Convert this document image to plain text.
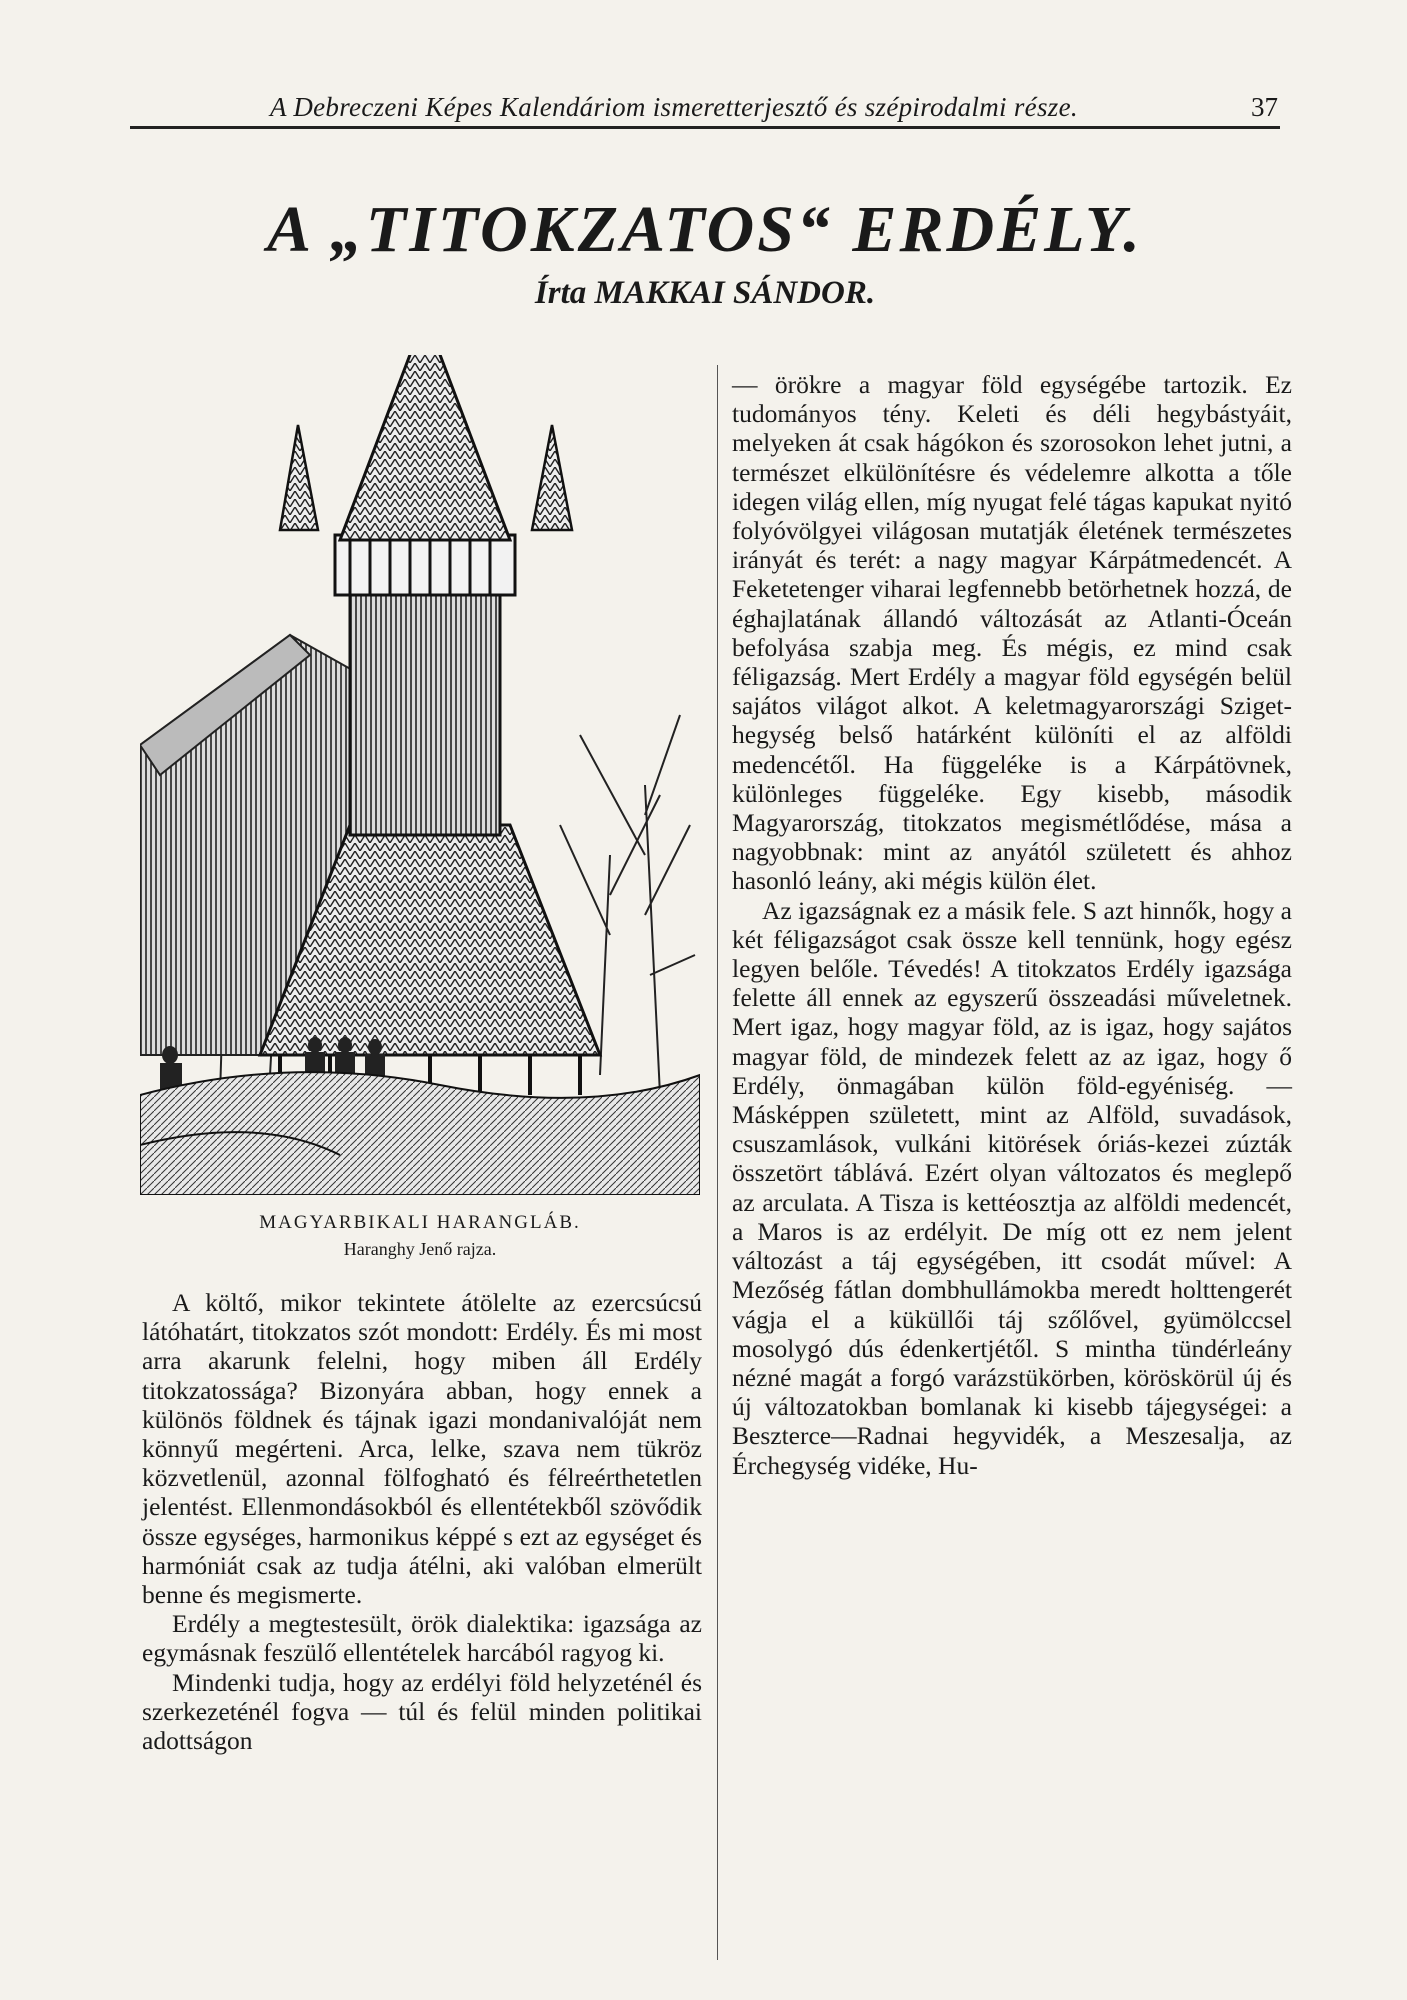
A Debreczeni Képes Kalendáriom ismeretterjesztő és szépirodalmi része.	37
A „TITOKZATOS“ ERDÉLY.
Írta MAKKAI SÁNDOR.
MAGYARBIKALI HARANGLÁB.
Haranghy Jenő rajza.

A költő, mikor tekintete átölelte az ezercsúcsú látóhatárt, titokzatos szót mondott: Erdély. És mi most arra akarunk felelni, hogy miben áll Erdély titokzatossága? Bizonyára abban, hogy ennek a különös földnek és tájnak igazi mondanivalóját nem könnyű megérteni. Arca, lelke, szava nem tükröz közvetlenül, azonnal fölfogható és félreérthetetlen jelentést. Ellenmondásokból és ellentétekből szövődik össze egységes, harmonikus képpé s ezt az egységet és harmóniát csak az tudja átélni, aki valóban elmerült benne és megismerte.

Erdély a megtestesült, örök dialektika: igazsága az egymásnak feszülő ellentételek harcából ragyog ki.

Mindenki tudja, hogy az erdélyi föld helyzeténél és szerkezeténél fogva — túl és felül minden politikai adottságon

— örökre a magyar föld egységébe tartozik. Ez tudományos tény. Keleti és déli hegybástyáit, melyeken át csak hágókon és szorosokon lehet jutni, a természet elkülönítésre és védelemre alkotta a tőle idegen világ ellen, míg nyugat felé tágas kapukat nyitó folyóvölgyei világosan mutatják életének természetes irányát és terét: a nagy magyar Kárpátmedencét. A Feketetenger viharai legfennebb betörhetnek hozzá, de éghajlatának állandó változását az Atlanti-Óceán befolyása szabja meg. És mégis, ez mind csak féligazság. Mert Erdély a magyar föld egységén belül sajátos világot alkot. A keletmagyarországi Sziget-hegység belső határként különíti el az alföldi medencétől. Ha függeléke is a Kárpátövnek, különleges függeléke. Egy kisebb, második Magyarország, titokzatos megismétlődése, mása a nagyobbnak: mint az anyától született és ahhoz hasonló leány, aki mégis külön élet.

Az igazságnak ez a másik fele. S azt hinnők, hogy a két féligazságot csak össze kell tennünk, hogy egész legyen belőle. Tévedés! A titokzatos Erdély igazsága felette áll ennek az egyszerű összeadási műveletnek. Mert igaz, hogy magyar föld, az is igaz, hogy sajátos magyar föld, de mindezek felett az az igaz, hogy ő Erdély, önmagában külön föld-egyéniség. — Másképpen született, mint az Alföld, suvadások, csuszamlások, vulkáni kitörések óriás-kezei zúzták összetört táblává. Ezért olyan változatos és meglepő az arculata. A Tisza is kettéosztja az alföldi medencét, a Maros is az erdélyit. De míg ott ez nem jelent változást a táj egységében, itt csodát művel: A Mezőség fátlan dombhullámokba meredt holttengerét vágja el a küküllői táj szőlővel, gyümölccsel mosolygó dús édenkertjétől. S mintha tündérleány nézné magát a forgó varázstükörben, köröskörül új és új változatokban bomlanak ki kisebb tájegységei: a Beszterce—Radnai hegyvidék, a Meszesalja, az Érchegység vidéke, Hu-
